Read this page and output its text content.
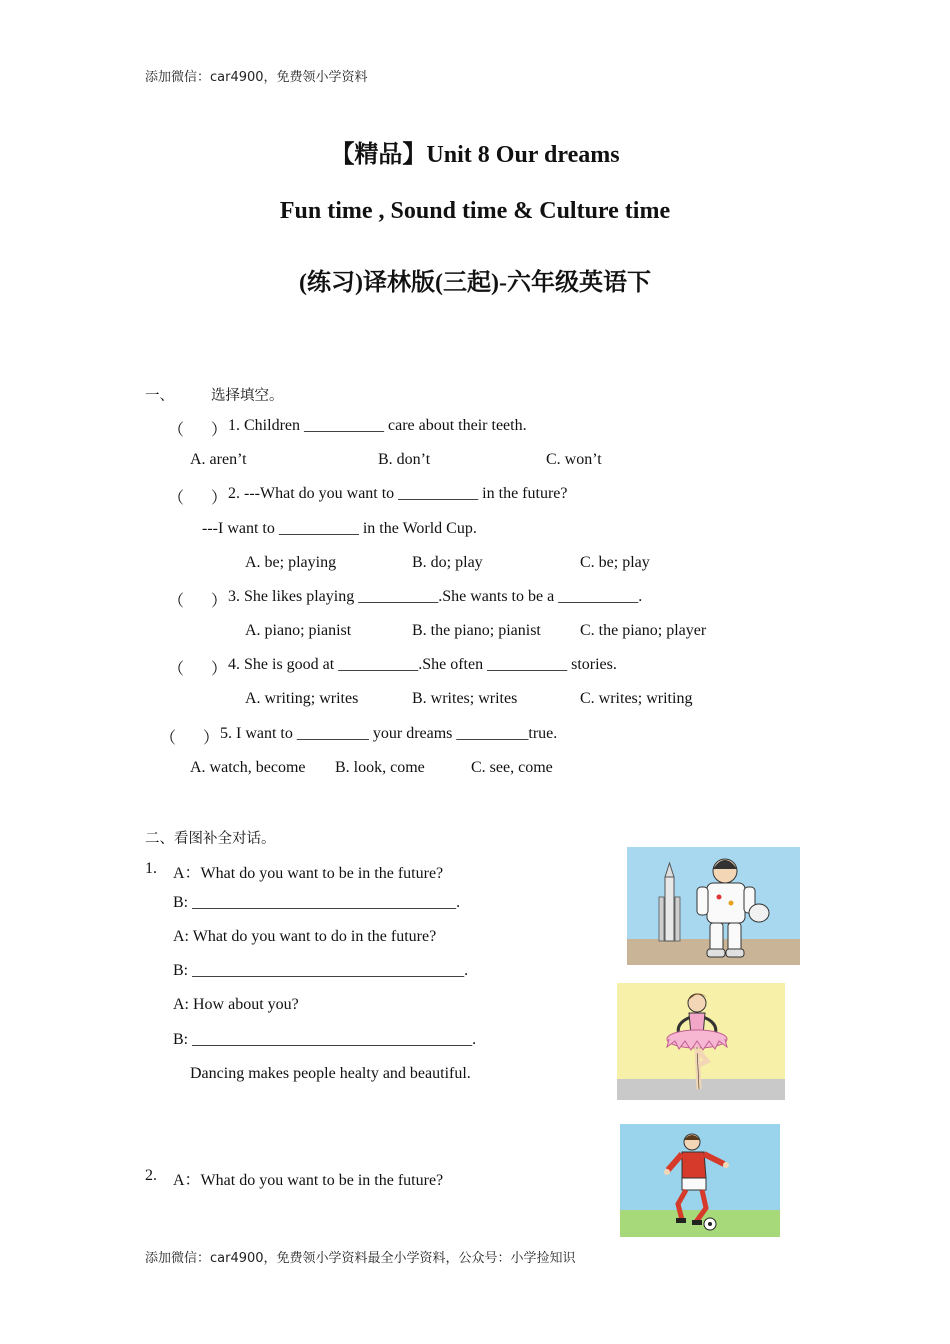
添加微信：car4900，免费领小学资料
【精品】Unit 8 Our dreams
Fun time , Sound time & Culture time
(练习)译林版(三起)-六年级英语下
一、	选择填空。
（ ） 1. Children __________ care about their teeth.
A. aren’t	B. don’t	C. won’t
（ ） 2. ---What do you want to __________ in the future?
---I want to __________ in the World Cup.
A. be; playing	B. do; play	C. be; play
（ ） 3. She likes playing __________.She wants to be a __________.
A. piano; pianist	B. the piano; pianist C. the piano; player
（ ） 4. She is good at __________.She often __________ stories.
A. writing; writes	B. writes; writes	C. writes; writing
（ ） 5. I want to _________ your dreams _________true.
A. watch, become B. look, come	C. see, come
二、看图补全对话。
1. A：What do you want to be in the future?
B: _________________________________.
A: What do you want to do in the future?
B: __________________________________.
A: How about you?
B: ___________________________________.
Dancing makes people healty and beautiful.
2. A：What do you want to be in the future?
添加微信：car4900，免费领小学资料最全小学资料，公众号：小学捡知识
